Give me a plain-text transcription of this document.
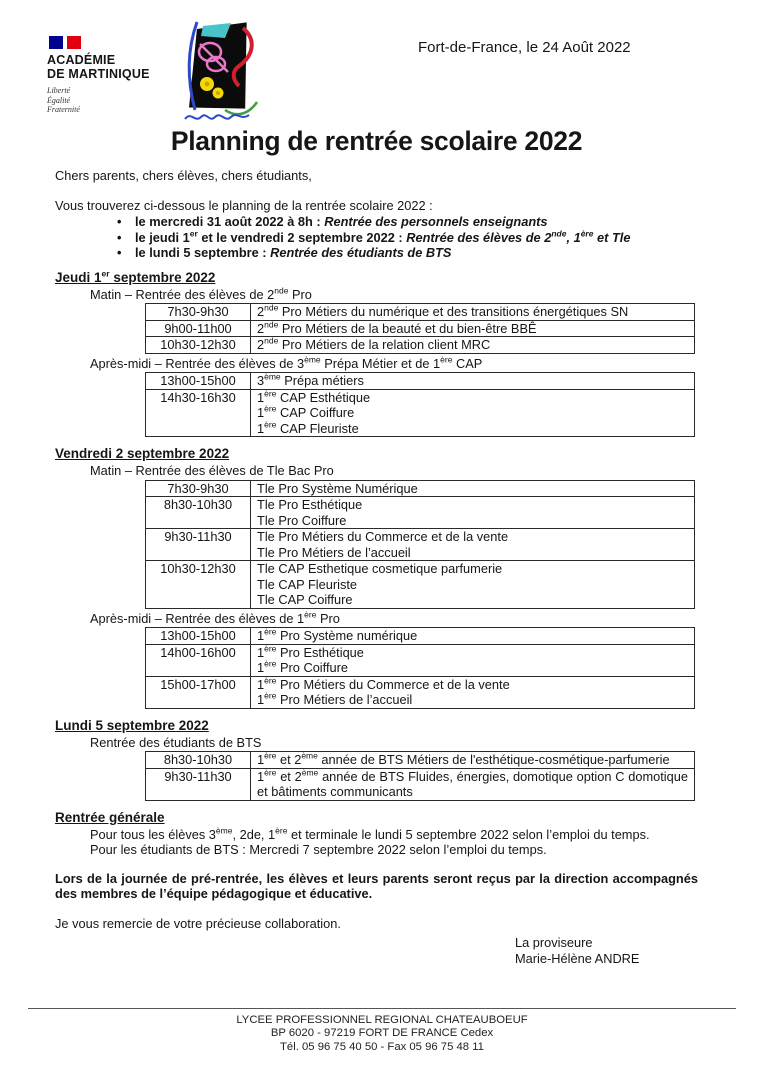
ACADÉMIE
DE MARTINIQUE
Liberté
Égalité
Fraternité
Fort-de-France, le 24 Août 2022
Planning de rentrée scolaire 2022

Chers parents, chers élèves, chers étudiants,

Vous trouverez ci-dessous le planning de la rentrée scolaire 2022 :

• le mercredi 31 août 2022 à 8h : Rentrée des personnels enseignants
• le jeudi 1er et le vendredi 2 septembre 2022 : Rentrée des élèves de 2nde, 1ère et Tle
• le lundi 5 septembre : Rentrée des étudiants de BTS
Jeudi 1er septembre 2022

Matin – Rentrée des élèves de 2nde Pro

7h30-9h30	2nde Pro Métiers du numérique et des transitions énergétiques SN

9h00-11h00	2nde Pro Métiers de la beauté et du bien-être BBÊ

10h30-12h30	2nde Pro Métiers de la relation client MRC

Après-midi – Rentrée des élèves de 3ème Prépa Métier et de 1ère CAP

13h00-15h00	3ème Prépa métiers

14h30-16h30	1ère CAP Esthétique
1ère CAP Coiffure
1ère CAP Fleuriste
Vendredi 2 septembre 2022

Matin – Rentrée des élèves de Tle Bac Pro

7h30-9h30	Tle Pro Système Numérique

8h30-10h30	Tle Pro Esthétique
Tle Pro Coiffure

9h30-11h30	Tle Pro Métiers du Commerce et de la vente
Tle Pro Métiers de l’accueil

10h30-12h30	Tle CAP Esthetique cosmetique parfumerie
Tle CAP Fleuriste
Tle CAP Coiffure

Après-midi – Rentrée des élèves de 1ère Pro

13h00-15h00	1ère Pro Système numérique

14h00-16h00	1ère Pro Esthétique
1ère Pro Coiffure

15h00-17h00	1ère Pro Métiers du Commerce et de la vente
1ère Pro Métiers de l’accueil
Lundi 5 septembre 2022

Rentrée des étudiants de BTS

8h30-10h30	1ère et 2ème année de BTS Métiers de l'esthétique-cosmétique-parfumerie

9h30-11h30	1ère et 2ème année de BTS Fluides, énergies, domotique option C domotique et bâtiments communicants
Rentrée générale

Pour tous les élèves 3ème, 2de, 1ère et terminale le lundi 5 septembre 2022 selon l’emploi du temps.

Pour les étudiants de BTS : Mercredi 7 septembre 2022 selon l’emploi du temps.

Lors de la journée de pré-rentrée, les élèves et leurs parents seront reçus par la direction accompagnés des membres de l’équipe pédagogique et éducative.

Je vous remercie de votre précieuse collaboration.

La proviseure
Marie-Hélène ANDRE
LYCEE PROFESSIONNEL REGIONAL CHATEAUBOEUF
BP 6020 - 97219 FORT DE FRANCE Cedex
Tél. 05 96 75 40 50 - Fax 05 96 75 48 11
